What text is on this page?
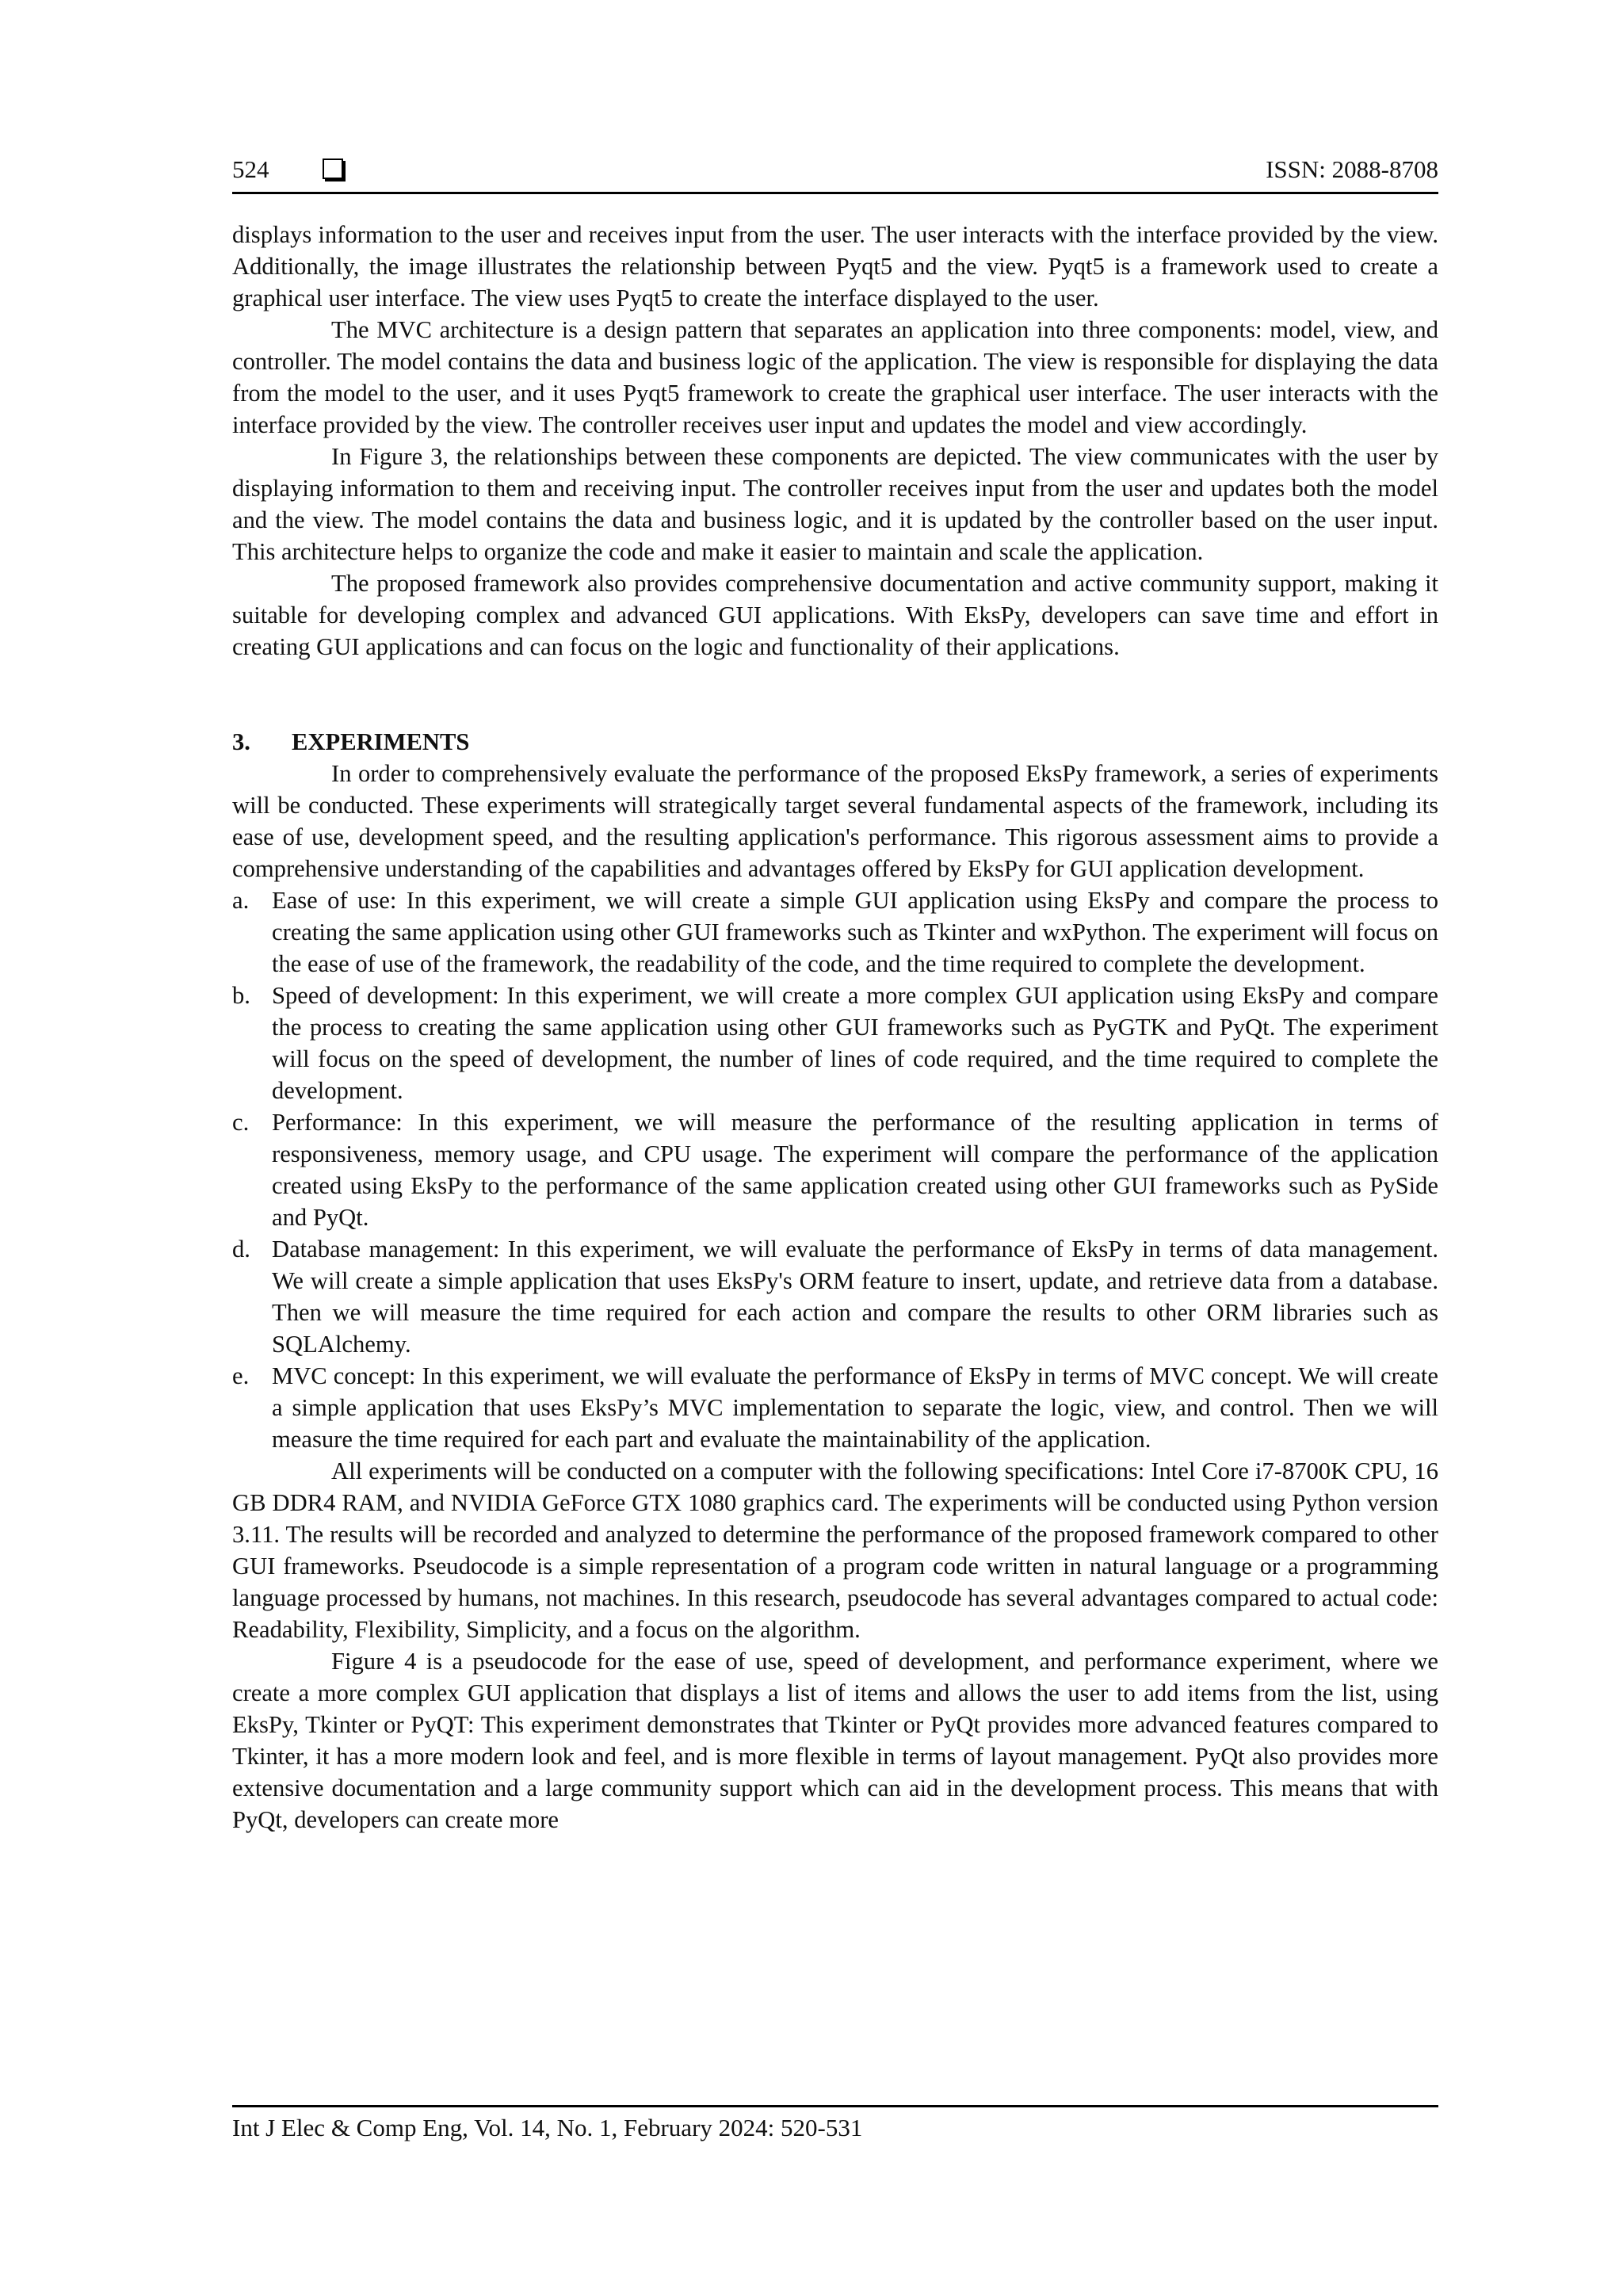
524	ISSN: 2088-8708

displays information to the user and receives input from the user. The user interacts with the interface provided by the view. Additionally, the image illustrates the relationship between Pyqt5 and the view. Pyqt5 is a framework used to create a graphical user interface. The view uses Pyqt5 to create the interface displayed to the user.

The MVC architecture is a design pattern that separates an application into three components: model, view, and controller. The model contains the data and business logic of the application. The view is responsible for displaying the data from the model to the user, and it uses Pyqt5 framework to create the graphical user interface. The user interacts with the interface provided by the view. The controller receives user input and updates the model and view accordingly.

In Figure 3, the relationships between these components are depicted. The view communicates with the user by displaying information to them and receiving input. The controller receives input from the user and updates both the model and the view. The model contains the data and business logic, and it is updated by the controller based on the user input. This architecture helps to organize the code and make it easier to maintain and scale the application.

The proposed framework also provides comprehensive documentation and active community support, making it suitable for developing complex and advanced GUI applications. With EksPy, developers can save time and effort in creating GUI applications and can focus on the logic and functionality of their applications.

3. EXPERIMENTS

In order to comprehensively evaluate the performance of the proposed EksPy framework, a series of experiments will be conducted. These experiments will strategically target several fundamental aspects of the framework, including its ease of use, development speed, and the resulting application's performance. This rigorous assessment aims to provide a comprehensive understanding of the capabilities and advantages offered by EksPy for GUI application development.

a. Ease of use: In this experiment, we will create a simple GUI application using EksPy and compare the process to creating the same application using other GUI frameworks such as Tkinter and wxPython. The experiment will focus on the ease of use of the framework, the readability of the code, and the time required to complete the development.
b. Speed of development: In this experiment, we will create a more complex GUI application using EksPy and compare the process to creating the same application using other GUI frameworks such as PyGTK and PyQt. The experiment will focus on the speed of development, the number of lines of code required, and the time required to complete the development.
c. Performance: In this experiment, we will measure the performance of the resulting application in terms of responsiveness, memory usage, and CPU usage. The experiment will compare the performance of the application created using EksPy to the performance of the same application created using other GUI frameworks such as PySide and PyQt.
d. Database management: In this experiment, we will evaluate the performance of EksPy in terms of data management. We will create a simple application that uses EksPy's ORM feature to insert, update, and retrieve data from a database. Then we will measure the time required for each action and compare the results to other ORM libraries such as SQLAlchemy.
e. MVC concept: In this experiment, we will evaluate the performance of EksPy in terms of MVC concept. We will create a simple application that uses EksPy’s MVC implementation to separate the logic, view, and control. Then we will measure the time required for each part and evaluate the maintainability of the application.

All experiments will be conducted on a computer with the following specifications: Intel Core i7-8700K CPU, 16 GB DDR4 RAM, and NVIDIA GeForce GTX 1080 graphics card. The experiments will be conducted using Python version 3.11. The results will be recorded and analyzed to determine the performance of the proposed framework compared to other GUI frameworks. Pseudocode is a simple representation of a program code written in natural language or a programming language processed by humans, not machines. In this research, pseudocode has several advantages compared to actual code: Readability, Flexibility, Simplicity, and a focus on the algorithm.

Figure 4 is a pseudocode for the ease of use, speed of development, and performance experiment, where we create a more complex GUI application that displays a list of items and allows the user to add items from the list, using EksPy, Tkinter or PyQT: This experiment demonstrates that Tkinter or PyQt provides more advanced features compared to Tkinter, it has a more modern look and feel, and is more flexible in terms of layout management. PyQt also provides more extensive documentation and a large community support which can aid in the development process. This means that with PyQt, developers can create more

Int J Elec & Comp Eng, Vol. 14, No. 1, February 2024: 520-531
